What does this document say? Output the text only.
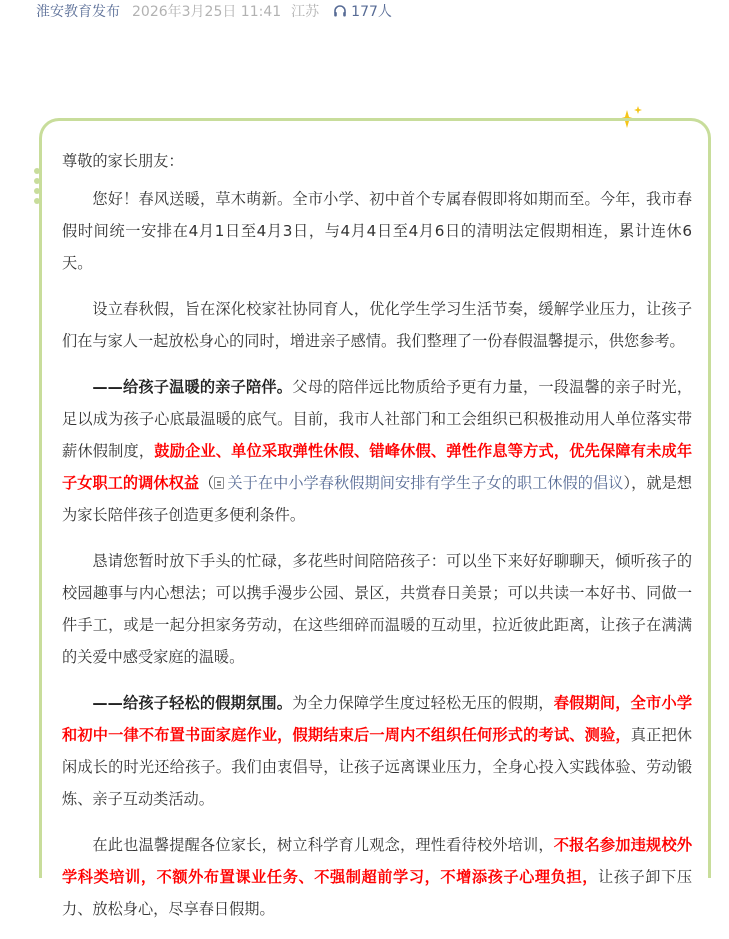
淮安教育发布 2026年3月25日 11:41 江苏 177人

尊敬的家长朋友：

您好！春风送暖，草木萌新。全市小学、初中首个专属春假即将如期而至。今年，我市春假时间统一安排在4月1日至4月3日，与4月4日至4月6日的清明法定假期相连，累计连休6天。

设立春秋假，旨在深化校家社协同育人，优化学生学习生活节奏，缓解学业压力，让孩子们在与家人一起放松身心的同时，增进亲子感情。我们整理了一份春假温馨提示，供您参考。

——给孩子温暖的亲子陪伴。父母的陪伴远比物质给予更有力量，一段温馨的亲子时光，足以成为孩子心底最温暖的底气。目前，我市人社部门和工会组织已积极推动用人单位落实带薪休假制度，鼓励企业、单位采取弹性休假、错峰休假、弹性作息等方式，优先保障有未成年子女职工的调休权益（ 关于在中小学春秋假期间安排有学生子女的职工休假的倡议），就是想为家长陪伴孩子创造更多便利条件。

恳请您暂时放下手头的忙碌，多花些时间陪陪孩子：可以坐下来好好聊聊天，倾听孩子的校园趣事与内心想法；可以携手漫步公园、景区，共赏春日美景；可以共读一本好书、同做一件手工，或是一起分担家务劳动，在这些细碎而温暖的互动里，拉近彼此距离，让孩子在满满的关爱中感受家庭的温暖。

——给孩子轻松的假期氛围。为全力保障学生度过轻松无压的假期，春假期间，全市小学和初中一律不布置书面家庭作业，假期结束后一周内不组织任何形式的考试、测验，真正把休闲成长的时光还给孩子。我们由衷倡导，让孩子远离课业压力，全身心投入实践体验、劳动锻炼、亲子互动类活动。

在此也温馨提醒各位家长，树立科学育儿观念，理性看待校外培训，不报名参加违规校外学科类培训，不额外布置课业任务、不强制超前学习，不增添孩子心理负担，让孩子卸下压力、放松身心，尽享春日假期。
